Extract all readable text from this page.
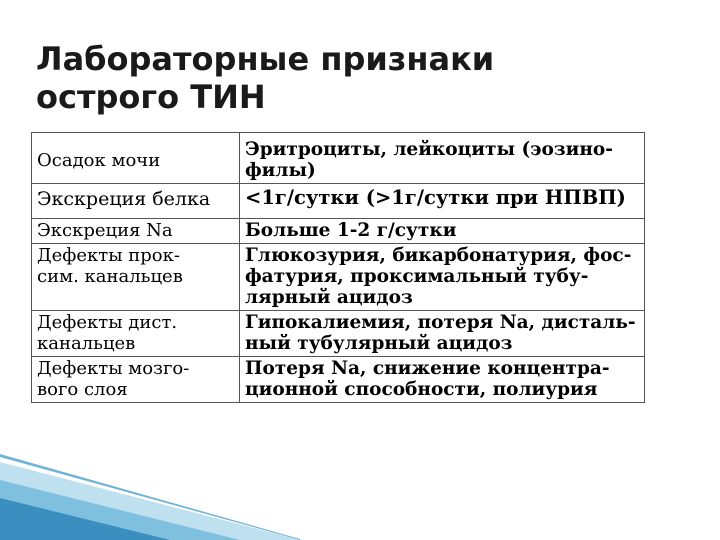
Лабораторные признаки
острого ТИН
Осадок мочи	Эритроциты, лейкоциты (эозино-
филы)
Экскреция белка	<1г/сутки (>1г/сутки при НПВП)
Экскреция Na	Больше 1-2 г/сутки
Дефекты прок-
сим. канальцев	Глюкозурия, бикарбонатурия, фос-
фатурия, проксимальный тубу-
лярный ацидоз
Дефекты дист.
канальцев	Гипокалиемия, потеря Na, дисталь-
ный тубулярный ацидоз
Дефекты мозго-
вого слоя	Потеря Na, снижение концентра-
ционной способности, полиурия
